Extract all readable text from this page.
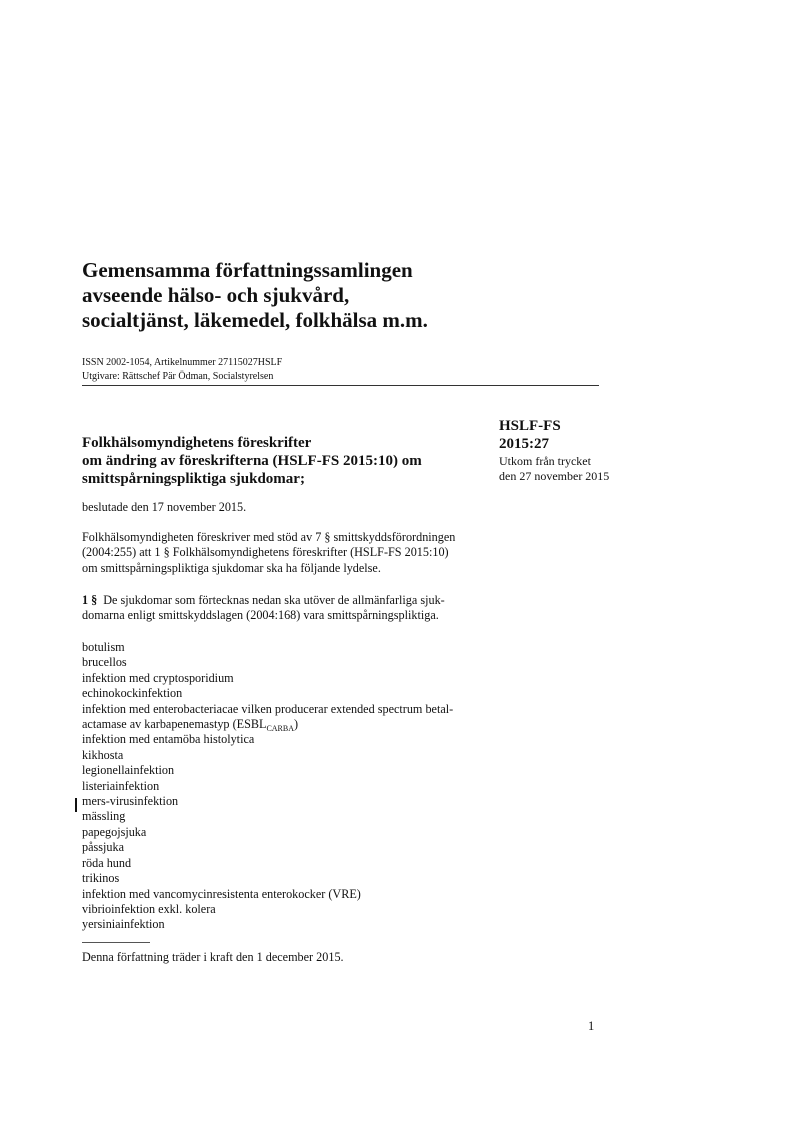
Gemensamma författningssamlingen
avseende hälso- och sjukvård,
socialtjänst, läkemedel, folkhälsa m.m.
ISSN 2002-1054, Artikelnummer 27115027HSLF
Utgivare: Rättschef Pär Ödman, Socialstyrelsen
HSLF-FS
2015:27
Utkom från trycket
den 27 november 2015
Folkhälsomyndighetens föreskrifter
om ändring av föreskrifterna (HSLF-FS 2015:10) om
smittspårningspliktiga sjukdomar;
beslutade den 17 november 2015.
Folkhälsomyndigheten föreskriver med stöd av 7 § smittskyddsförordningen
(2004:255) att 1 § Folkhälsomyndighetens föreskrifter (HSLF-FS 2015:10)
om smittspårningspliktiga sjukdomar ska ha följande lydelse.
1 § De sjukdomar som förtecknas nedan ska utöver de allmänfarliga sjuk-
domarna enligt smittskyddslagen (2004:168) vara smittspårningspliktiga.
botulism
brucellos
infektion med cryptosporidium
echinokockinfektion
infektion med enterobacteriacae vilken producerar extended spectrum betal-
actamase av karbapenemastyp $(ESBL_{CARBA})$
infektion med entamöba histolytica
kikhosta
legionellainfektion
listeriainfektion
mers-virusinfektion
mässling
papegojsjuka
påssjuka
röda hund
trikinos
infektion med vancomycinresistenta enterokocker (VRE)
vibrioinfektion exkl. kolera
yersiniainfektion
Denna författning träder i kraft den 1 december 2015.
1
